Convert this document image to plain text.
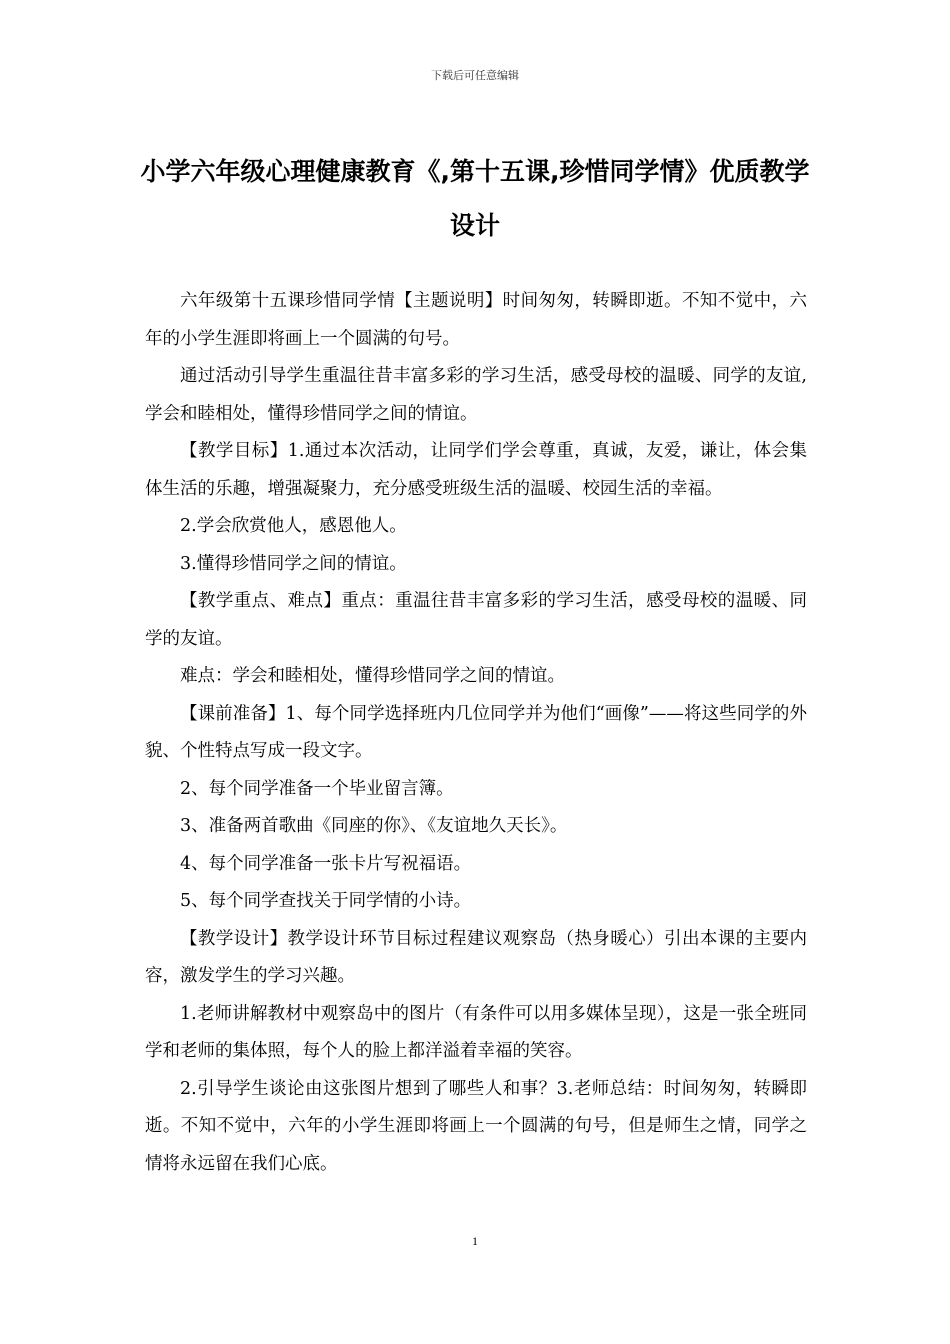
下载后可任意编辑
小学六年级心理健康教育《,第十五课,珍惜同学情》优质教学设计

六年级第十五课珍惜同学情【主题说明】时间匆匆，转瞬即逝。不知不觉中，六年的小学生涯即将画上一个圆满的句号。

通过活动引导学生重温往昔丰富多彩的学习生活，感受母校的温暖、同学的友谊,学会和睦相处，懂得珍惜同学之间的情谊。

【教学目标】1.通过本次活动，让同学们学会尊重，真诚，友爱，谦让，体会集体生活的乐趣，增强凝聚力，充分感受班级生活的温暖、校园生活的幸福。

2.学会欣赏他人，感恩他人。

3.懂得珍惜同学之间的情谊。

【教学重点、难点】重点：重温往昔丰富多彩的学习生活，感受母校的温暖、同学的友谊。

难点：学会和睦相处，懂得珍惜同学之间的情谊。

【课前准备】1、每个同学选择班内几位同学并为他们“画像”——将这些同学的外貌、个性特点写成一段文字。

2、每个同学准备一个毕业留言簿。

3、准备两首歌曲《同座的你》、《友谊地久天长》。

4、每个同学准备一张卡片写祝福语。

5、每个同学查找关于同学情的小诗。

【教学设计】教学设计环节目标过程建议观察岛（热身暖心）引出本课的主要内容，激发学生的学习兴趣。

1.老师讲解教材中观察岛中的图片（有条件可以用多媒体呈现），这是一张全班同学和老师的集体照，每个人的脸上都洋溢着幸福的笑容。

2.引导学生谈论由这张图片想到了哪些人和事？3.老师总结：时间匆匆，转瞬即逝。不知不觉中，六年的小学生涯即将画上一个圆满的句号，但是师生之情，同学之情将永远留在我们心底。

1
